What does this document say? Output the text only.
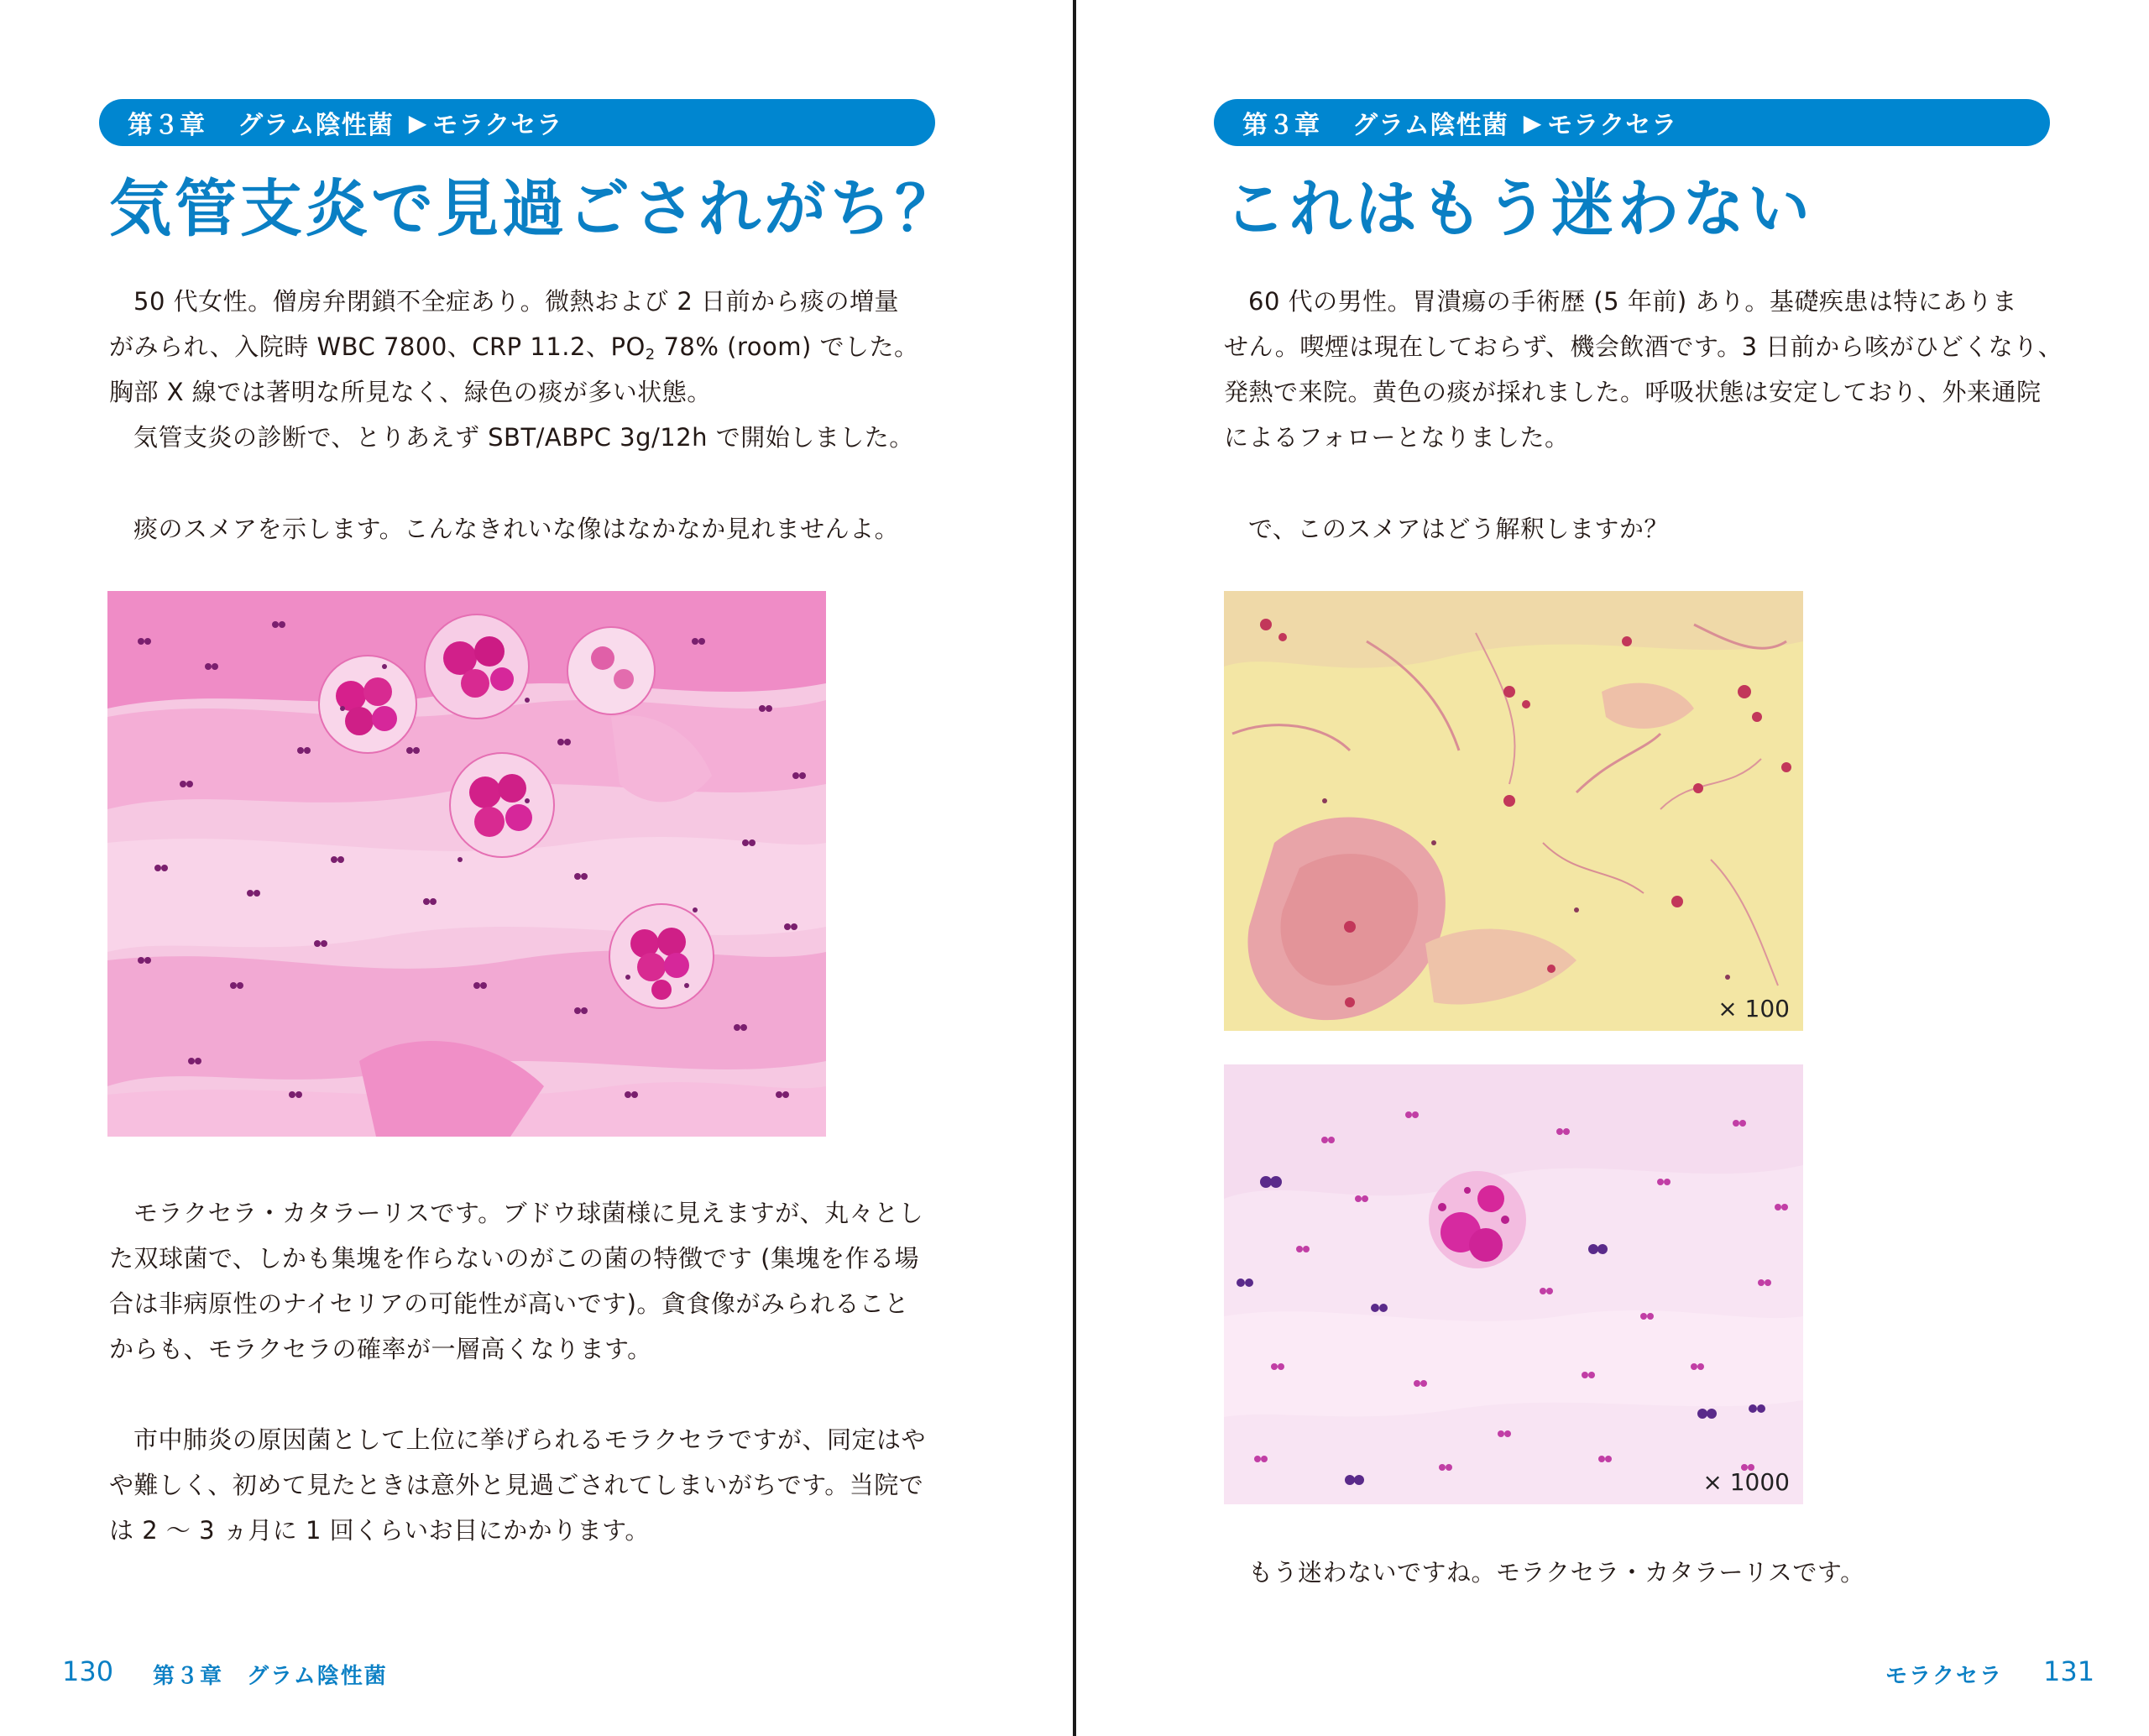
第３章 グラム陰性菌 ▶ モラクセラ
気管支炎で見過ごされがち？
50 代女性。僧房弁閉鎖不全症あり。微熱および 2 日前から痰の増量
がみられ、入院時 WBC 7800、CRP 11.2、$PO_2$ 78% (room) でした。
胸部 X 線では著明な所見なく、緑色の痰が多い状態。
気管支炎の診断で、とりあえず SBT/ABPC 3g/12h で開始しました。
痰のスメアを示します。こんなきれいな像はなかなか見れませんよ。
モラクセラ・カタラーリスです。ブドウ球菌様に見えますが、丸々とし
た双球菌で、しかも集塊を作らないのがこの菌の特徴です (集塊を作る場
合は非病原性のナイセリアの可能性が高いです)。貪食像がみられること
からも、モラクセラの確率が一層高くなります。
市中肺炎の原因菌として上位に挙げられるモラクセラですが、同定はや
や難しく、初めて見たときは意外と見過ごされてしまいがちです。当院で
は 2 〜 3 ヵ月に 1 回くらいお目にかかります。
130 第３章　グラム陰性菌
第３章 グラム陰性菌 ▶ モラクセラ
これはもう迷わない
60 代の男性。胃潰瘍の手術歴 (5 年前) あり。基礎疾患は特にありま
せん。喫煙は現在しておらず、機会飲酒です。3 日前から咳がひどくなり、
発熱で来院。黄色の痰が採れました。呼吸状態は安定しており、外来通院
によるフォローとなりました。
で、このスメアはどう解釈しますか？
× 100
× 1000
もう迷わないですね。モラクセラ・カタラーリスです。
モラクセラ 131
